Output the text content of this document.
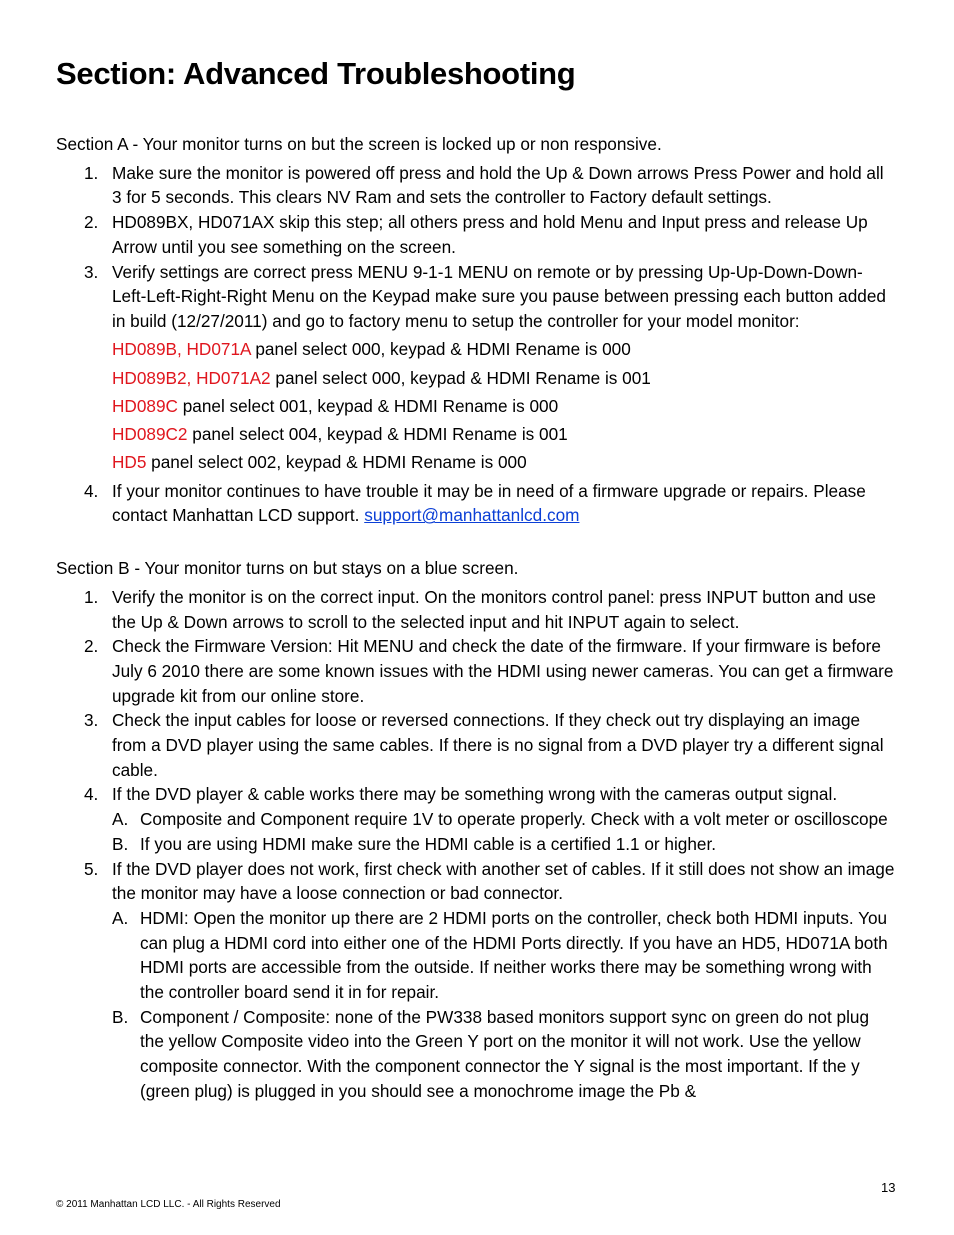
Section: Advanced Troubleshooting

Section A - Your monitor turns on but the screen is locked up or non responsive.

1. Make sure the monitor is powered off press and hold the Up & Down arrows Press Power and hold all 3 for 5 seconds. This clears NV Ram and sets the controller to Factory default settings.
2. HD089BX, HD071AX skip this step; all others press and hold Menu and Input press and release Up Arrow until you see something on the screen.
3. Verify settings are correct press MENU 9-1-1 MENU on remote or by pressing Up-Up-Down-Down-Left-Left-Right-Right Menu on the Keypad make sure you pause between pressing each button added in build (12/27/2011) and go to factory menu to setup the controller for your model monitor:
HD089B, HD071A panel select 000, keypad & HDMI Rename is 000
HD089B2, HD071A2 panel select 000, keypad & HDMI Rename is 001
HD089C panel select 001, keypad & HDMI Rename is 000
HD089C2 panel select 004, keypad & HDMI Rename is 001
HD5 panel select 002, keypad & HDMI Rename is 000
4. If your monitor continues to have trouble it may be in need of a firmware upgrade or repairs. Please contact Manhattan LCD support. support@manhattanlcd.com

Section B - Your monitor turns on but stays on a blue screen.

1. Verify the monitor is on the correct input. On the monitors control panel: press INPUT button and use the Up & Down arrows to scroll to the selected input and hit INPUT again to select.
2. Check the Firmware Version: Hit MENU and check the date of the firmware. If your firmware is before July 6 2010 there are some known issues with the HDMI using newer cameras. You can get a firmware upgrade kit from our online store.
3. Check the input cables for loose or reversed connections. If they check out try displaying an image from a DVD player using the same cables. If there is no signal from a DVD player try a different signal cable.
4. If the DVD player & cable works there may be something wrong with the cameras output signal.
A. Composite and Component require 1V to operate properly. Check with a volt meter or oscilloscope
B. If you are using HDMI make sure the HDMI cable is a certified 1.1 or higher.
5. If the DVD player does not work, first check with another set of cables. If it still does not show an image the monitor may have a loose connection or bad connector.
A. HDMI: Open the monitor up there are 2 HDMI ports on the controller, check both HDMI inputs. You can plug a HDMI cord into either one of the HDMI Ports directly. If you have an HD5, HD071A both HDMI ports are accessible from the outside. If neither works there may be something wrong with the controller board send it in for repair.
B. Component / Composite: none of the PW338 based monitors support sync on green do not plug the yellow Composite video into the Green Y port on the monitor it will not work. Use the yellow composite connector. With the component connector the Y signal is the most important. If the y (green plug) is plugged in you should see a monochrome image the Pb &
13
© 2011 Manhattan LCD LLC. - All Rights Reserved
